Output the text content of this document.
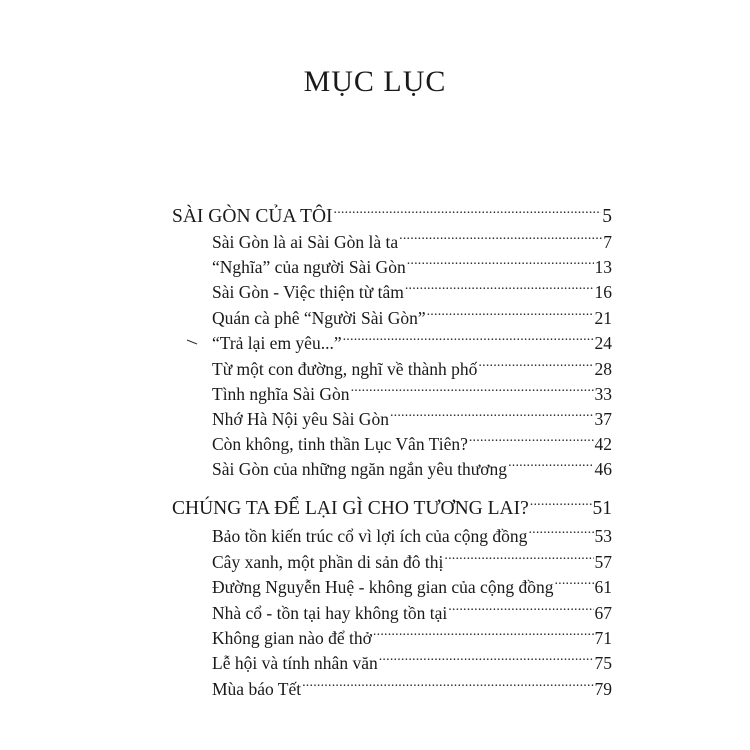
MỤC LỤC
SÀI GÒN CỦA TÔI .....	5
Sài Gòn là ai Sài Gòn là ta .....	7
“Nghĩa” của người Sài Gòn .....	13
Sài Gòn - Việc thiện từ tâm .....	16
Quán cà phê “Người Sài Gòn” .....	21
“Trả lại em yêu...” .....	24
Từ một con đường, nghĩ về thành phố .....	28
Tình nghĩa Sài Gòn .....	33
Nhớ Hà Nội yêu Sài Gòn .....	37
Còn không, tinh thần Lục Vân Tiên? .....	42
Sài Gòn của những ngăn ngắn yêu thương .....	46
CHÚNG TA ĐỂ LẠI GÌ CHO TƯƠNG LAI? .....	51
Bảo tồn kiến trúc cổ vì lợi ích của cộng đồng .....	53
Cây xanh, một phần di sản đô thị .....	57
Đường Nguyễn Huệ - không gian của cộng đồng ..... 61
Nhà cổ - tồn tại hay không tồn tại .....	67
Không gian nào để thở .....	71
Lễ hội và tính nhân văn .....	75
Mùa báo Tết .....	79
